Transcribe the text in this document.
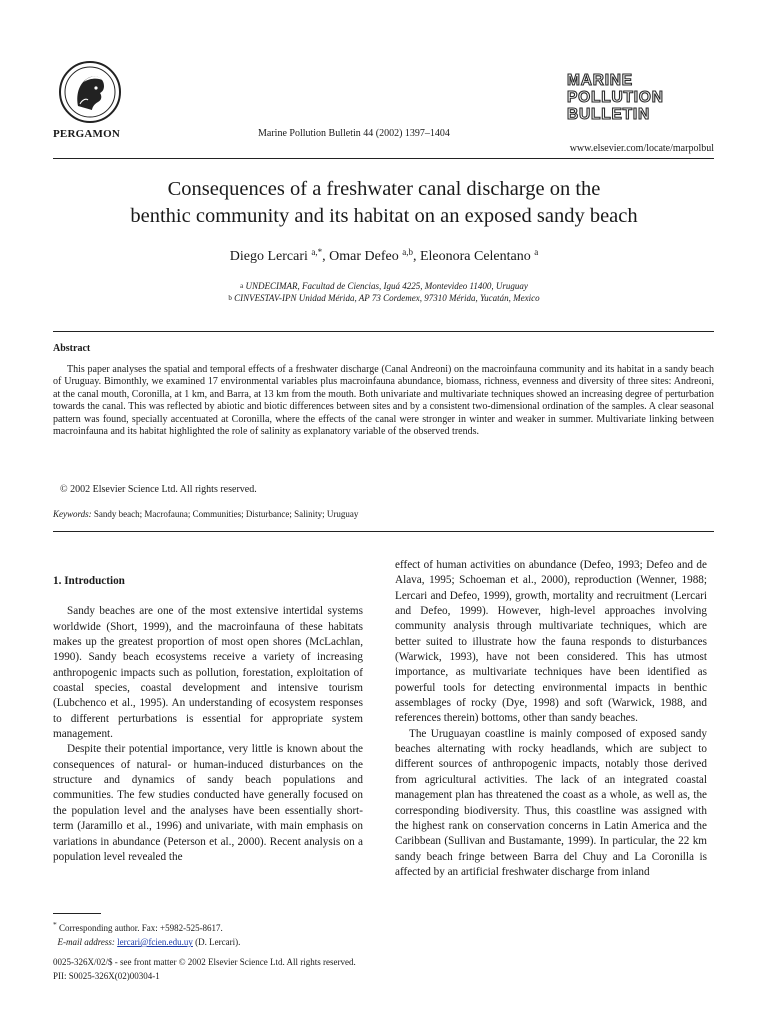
PERGAMON	Marine Pollution Bulletin 44 (2002) 1397–1404
MARINE
POLLUTION
BULLETIN
www.elsevier.com/locate/marpolbul
Consequences of a freshwater canal discharge on the
benthic community and its habitat on an exposed sandy beach
Diego Lercari $^{a,*}$, Omar Defeo $^{a,b}$, Eleonora Celentano $^a$
$^a$ UNDECIMAR, Facultad de Ciencias, Iguá 4225, Montevideo 11400, Uruguay
$^b$ CINVESTAV-IPN Unidad Mérida, AP 73 Cordemex, 97310 Mérida, Yucatán, Mexico
Abstract
This paper analyses the spatial and temporal effects of a freshwater discharge (Canal Andreoni) on the macroinfauna community and its habitat in a sandy beach of Uruguay. Bimonthly, we examined 17 environmental variables plus macroinfauna abundance, biomass, richness, evenness and diversity of three sites: Andreoni, at the canal mouth, Coronilla, at 1 km, and Barra, at 13 km from the mouth. Both univariate and multivariate techniques showed an increasing degree of perturbation towards the canal. This was reflected by abiotic and biotic differences between sites and by a consistent two-dimensional ordination of the samples. A clear seasonal pattern was found, specially accentuated at Coronilla, where the effects of the canal were stronger in winter and weaker in summer. Multivariate linking between macroinfauna and its habitat highlighted the role of salinity as explanatory variable of the observed trends.
© 2002 Elsevier Science Ltd. All rights reserved.
Keywords: Sandy beach; Macrofauna; Communities; Disturbance; Salinity; Uruguay
1. Introduction

Sandy beaches are one of the most extensive intertidal systems worldwide (Short, 1999), and the macroinfauna of these habitats makes up the greatest proportion of most open shores (McLachlan, 1990). Sandy beach ecosystems receive a variety of increasing anthropogenic impacts such as pollution, forestation, exploitation of coastal species, coastal development and intensive tourism (Lubchenco et al., 1995). An understanding of ecosystem responses to different perturbations is essential for appropriate system management.

Despite their potential importance, very little is known about the consequences of natural- or human-induced disturbances on the structure and dynamics of sandy beach populations and communities. The few studies conducted have generally focused on the population level and the analyses have been essentially short-term (Jaramillo et al., 1996) and univariate, with main emphasis on variations in abundance (Peterson et al., 2000). Recent analysis on a population level revealed the

effect of human activities on abundance (Defeo, 1993; Defeo and de Alava, 1995; Schoeman et al., 2000), reproduction (Wenner, 1988; Lercari and Defeo, 1999), growth, mortality and recruitment (Lercari and Defeo, 1999). However, high-level approaches involving community analysis through multivariate techniques, which are better suited to illustrate how the fauna responds to disturbances (Warwick, 1993), have not been considered. This has utmost importance, as multivariate techniques have been identified as powerful tools for detecting environmental impacts in benthic assemblages of rocky (Dye, 1998) and soft (Warwick, 1988, and references therein) bottoms, other than sandy beaches.

The Uruguayan coastline is mainly composed of exposed sandy beaches alternating with rocky headlands, which are subject to different sources of anthropogenic impacts, notably those derived from agricultural activities. The lack of an integrated coastal management plan has threatened the coast as a whole, as well as, the corresponding biodiversity. Thus, this coastline was assigned with the highest rank on conservation concerns in Latin America and the Caribbean (Sullivan and Bustamante, 1999). In particular, the 22 km sandy beach fringe between Barra del Chuy and La Coronilla is affected by an artificial freshwater discharge from inland

* Corresponding author. Fax: +5982-525-8617.
E-mail address: lercari@fcien.edu.uy (D. Lercari).
0025-326X/02/$ - see front matter © 2002 Elsevier Science Ltd. All rights reserved.
PII: S0025-326X(02)00304-1
